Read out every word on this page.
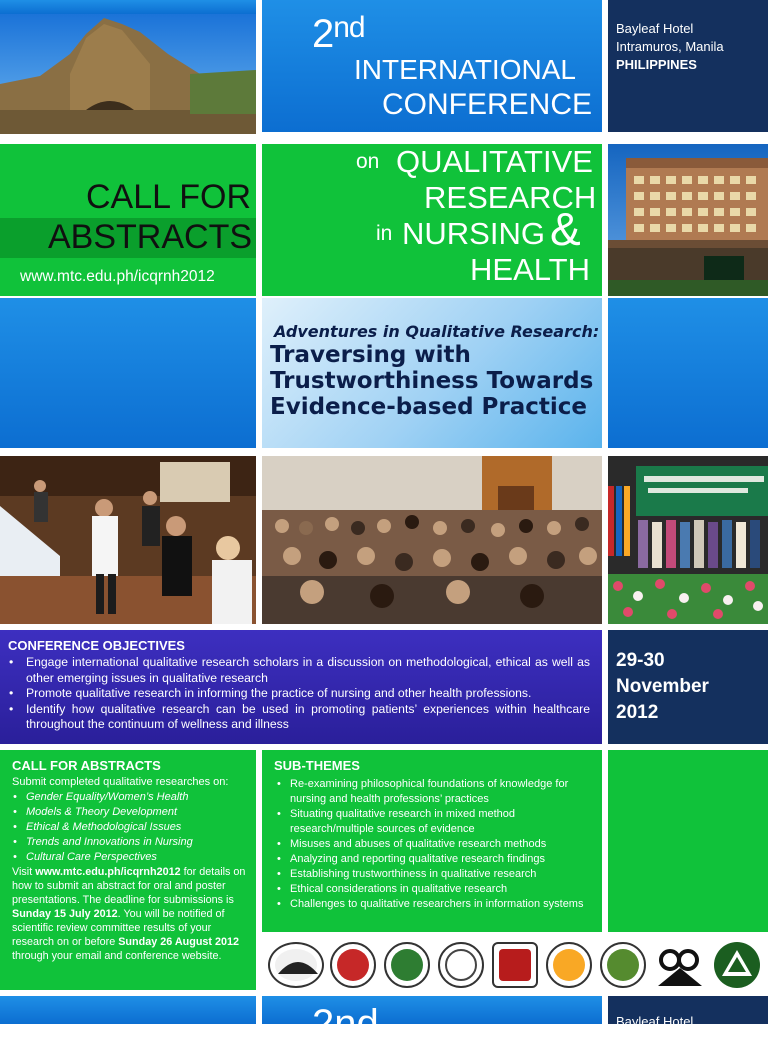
2nd
INTERNATIONAL
CONFERENCE
Bayleaf Hotel
Intramuros, Manila
PHILIPPINES
CALL FOR
ABSTRACTS
www.mtc.edu.ph/icqrnh2012
on QUALITATIVE
RESEARCH
in NURSING &
HEALTH
Adventures in Qualitative Research:
Traversing with
Trustworthiness Towards
Evidence-based Practice
CONFERENCE OBJECTIVES
• Engage international qualitative research scholars in a discussion on methodological, ethical as well as other emerging issues in qualitative research
• Promote qualitative research in informing the practice of nursing and other health professions.
• Identify how qualitative research can be used in promoting patients’ experiences within healthcare throughout the continuum of wellness and illness
29-30
November
2012
CALL FOR ABSTRACTS
Submit completed qualitative researches on:
• Gender Equality/Women’s Health
• Models & Theory Development
• Ethical & Methodological Issues
• Trends and Innovations in Nursing
• Cultural Care Perspectives
Visit www.mtc.edu.ph/icqrnh2012 for details on how to submit an abstract for oral and poster presentations. The deadline for submissions is Sunday 15 July 2012. You will be notified of scientific review committee results of your research on or before Sunday 26 August 2012 through your email and conference website.
SUB-THEMES
• Re-examining philosophical foundations of knowledge for nursing and health professions’ practices
• Situating qualitative research in mixed method research/multiple sources of evidence
• Misuses and abuses of qualitative research methods
• Analyzing and reporting qualitative research findings
• Establishing trustworthiness in qualitative research
• Ethical considerations in qualitative research
• Challenges to qualitative researchers in information systems
2nd	Bayleaf Hotel
